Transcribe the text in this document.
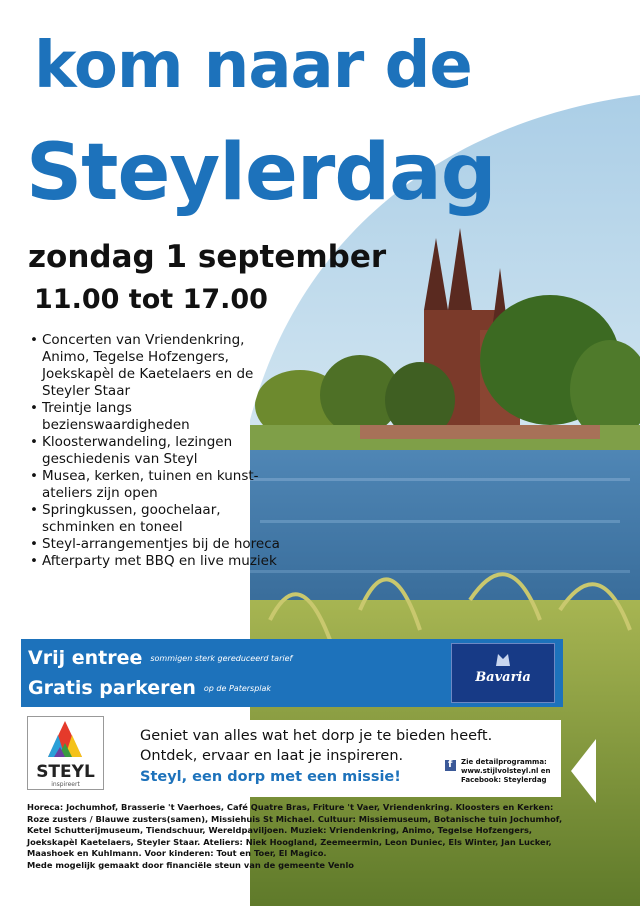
kom naar de
Steylerdag
zondag 1 september
11.00 tot 17.00
• Concerten van Vriendenkring, Animo, Tegelse Hofzengers, Joekskapèl de Kaetelaers en de Steyler Staar
• Treintje langs bezienswaardigheden
• Kloosterwandeling, lezingen geschiedenis van Steyl
• Musea, kerken, tuinen en kunst-ateliers zijn open
• Springkussen, goochelaar, schminken en toneel
• Steyl-arrangementjes bij de horeca
• Afterparty met BBQ en live muziek
Vrij entree sommigen sterk gereduceerd tarief
Gratis parkeren op de Patersplak
Bavaria
STEYL
inspireert
Geniet van alles wat het dorp je te bieden heeft.
Ontdek, ervaar en laat je inspireren.
Steyl, een dorp met een missie!
f Zie detailprogramma:
www.stijlvolsteyl.nl en
Facebook: Steylerdag
Horeca: Jochumhof, Brasserie 't Vaerhoes, Café Quatre Bras, Friture 't Vaer, Vriendenkring. Kloosters en Kerken: Roze zusters / Blauwe zusters(samen), Missiehuis St Michael. Cultuur: Missiemuseum, Botanische tuin Jochumhof, Ketel Schutterijmuseum, Tiendschuur, Wereldpaviljoen. Muziek: Vriendenkring, Animo, Tegelse Hofzengers, Joekskapèl Kaetelaers, Steyler Staar. Ateliers: Niek Hoogland, Zeemeermin, Leon Duniec, Els Winter, Jan Lucker, Maashoek en Kuhlmann. Voor kinderen: Tout en Toer, El Magico.
Mede mogelijk gemaakt door financiële steun van de gemeente Venlo
